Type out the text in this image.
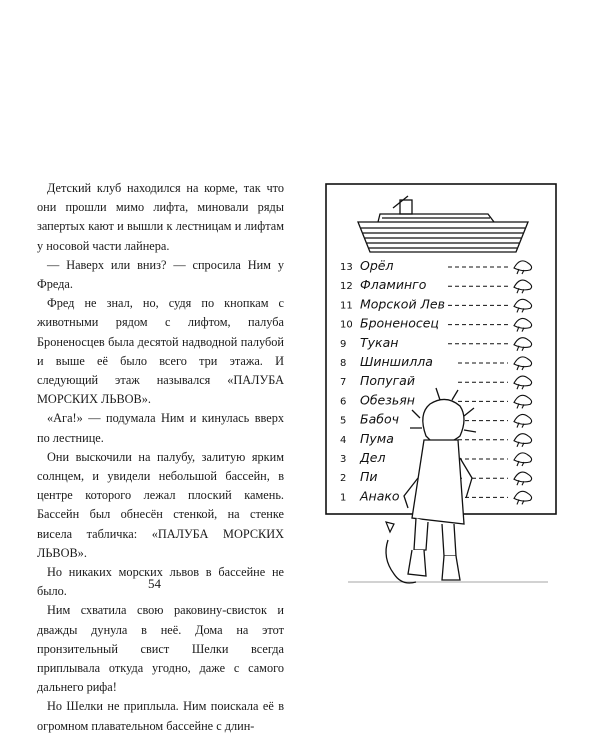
Детский клуб находился на корме, так что они прошли мимо лифта, миновали ряды запертых кают и вышли к лестницам и лифтам у носовой части лайнера.

— Наверх или вниз? — спросила Ним у Фреда.

Фред не знал, но, судя по кнопкам с животными рядом с лифтом, палуба Броненосцев была десятой надводной палубой и выше её было всего три этажа. И следующий этаж назывался «ПАЛУБА МОРСКИХ ЛЬВОВ».

«Ага!» — подумала Ним и кинулась вверх по лестнице.

Они выскочили на палубу, залитую ярким солнцем, и увидели небольшой бассейн, в центре которого лежал плоский камень. Бассейн был обнесён стенкой, на стенке висела табличка: «ПАЛУБА МОРСКИХ ЛЬВОВ».

Но никаких морских львов в бассейне не было.

Ним схватила свою раковину-свисток и дважды дунула в неё. Дома на этот пронзительный свист Шелки всегда приплывала откуда угодно, даже с самого дальнего рифа!

Но Шелки не приплыла. Ним поискала её в огромном плавательном бассейне с длин-

54
13 Орёл
12 Фламинго
11 Морской Лев
10 Броненосец
9 Тукан
8 Шиншилла
7 Попугай
6 Обезьян
5 Бабоч
4 Пума
3 Дел
2 Пи
1 Анако
